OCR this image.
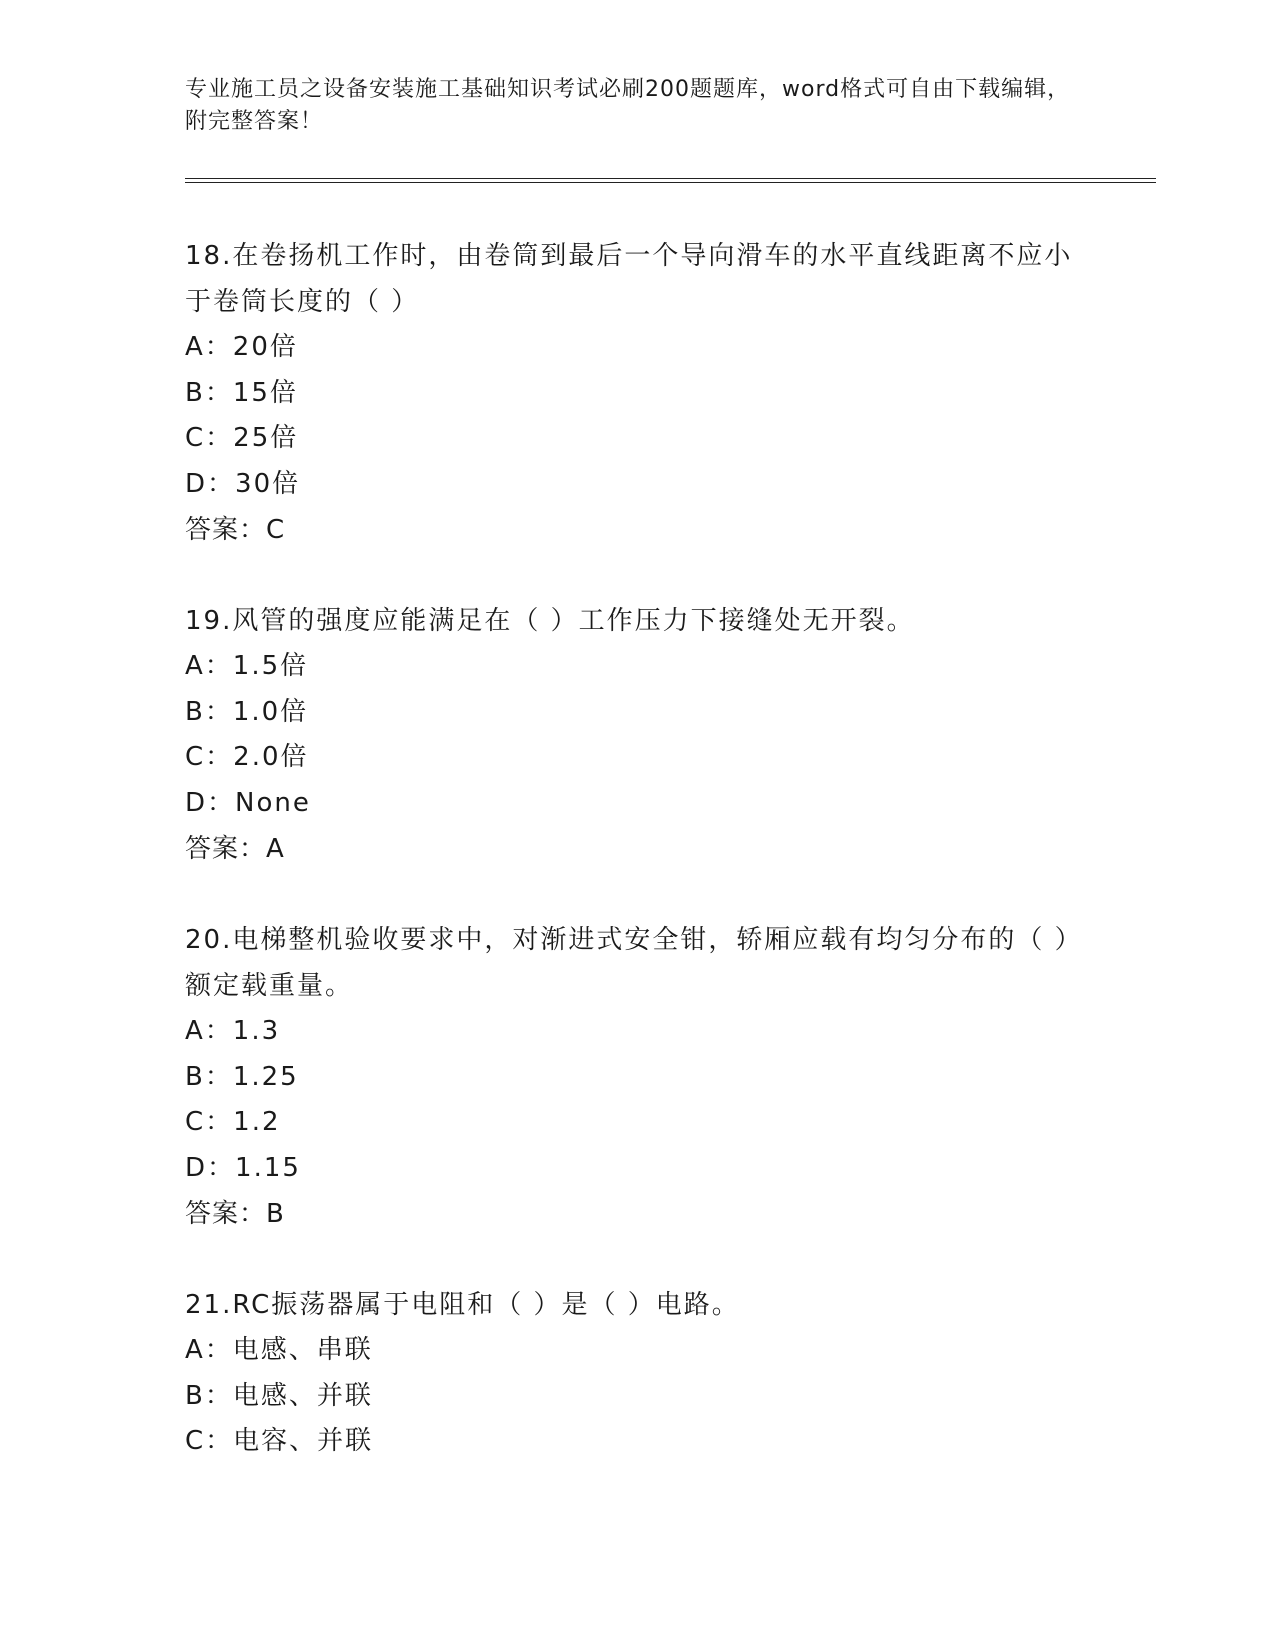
专业施工员之设备安装施工基础知识考试必刷200题题库，word格式可自由下载编辑，附完整答案！
18.在卷扬机工作时，由卷筒到最后一个导向滑车的水平直线距离不应小于卷筒长度的（ ）
A：20倍
B：15倍
C：25倍
D：30倍
答案：C
19.风管的强度应能满足在（ ）工作压力下接缝处无开裂。
A：1.5倍
B：1.0倍
C：2.0倍
D：None
答案：A
20.电梯整机验收要求中，对渐进式安全钳，轿厢应载有均匀分布的（ ）额定载重量。
A：1.3
B：1.25
C：1.2
D：1.15
答案：B
21.RC振荡器属于电阻和（ ）是（ ）电路。
A：电感、串联
B：电感、并联
C：电容、并联
